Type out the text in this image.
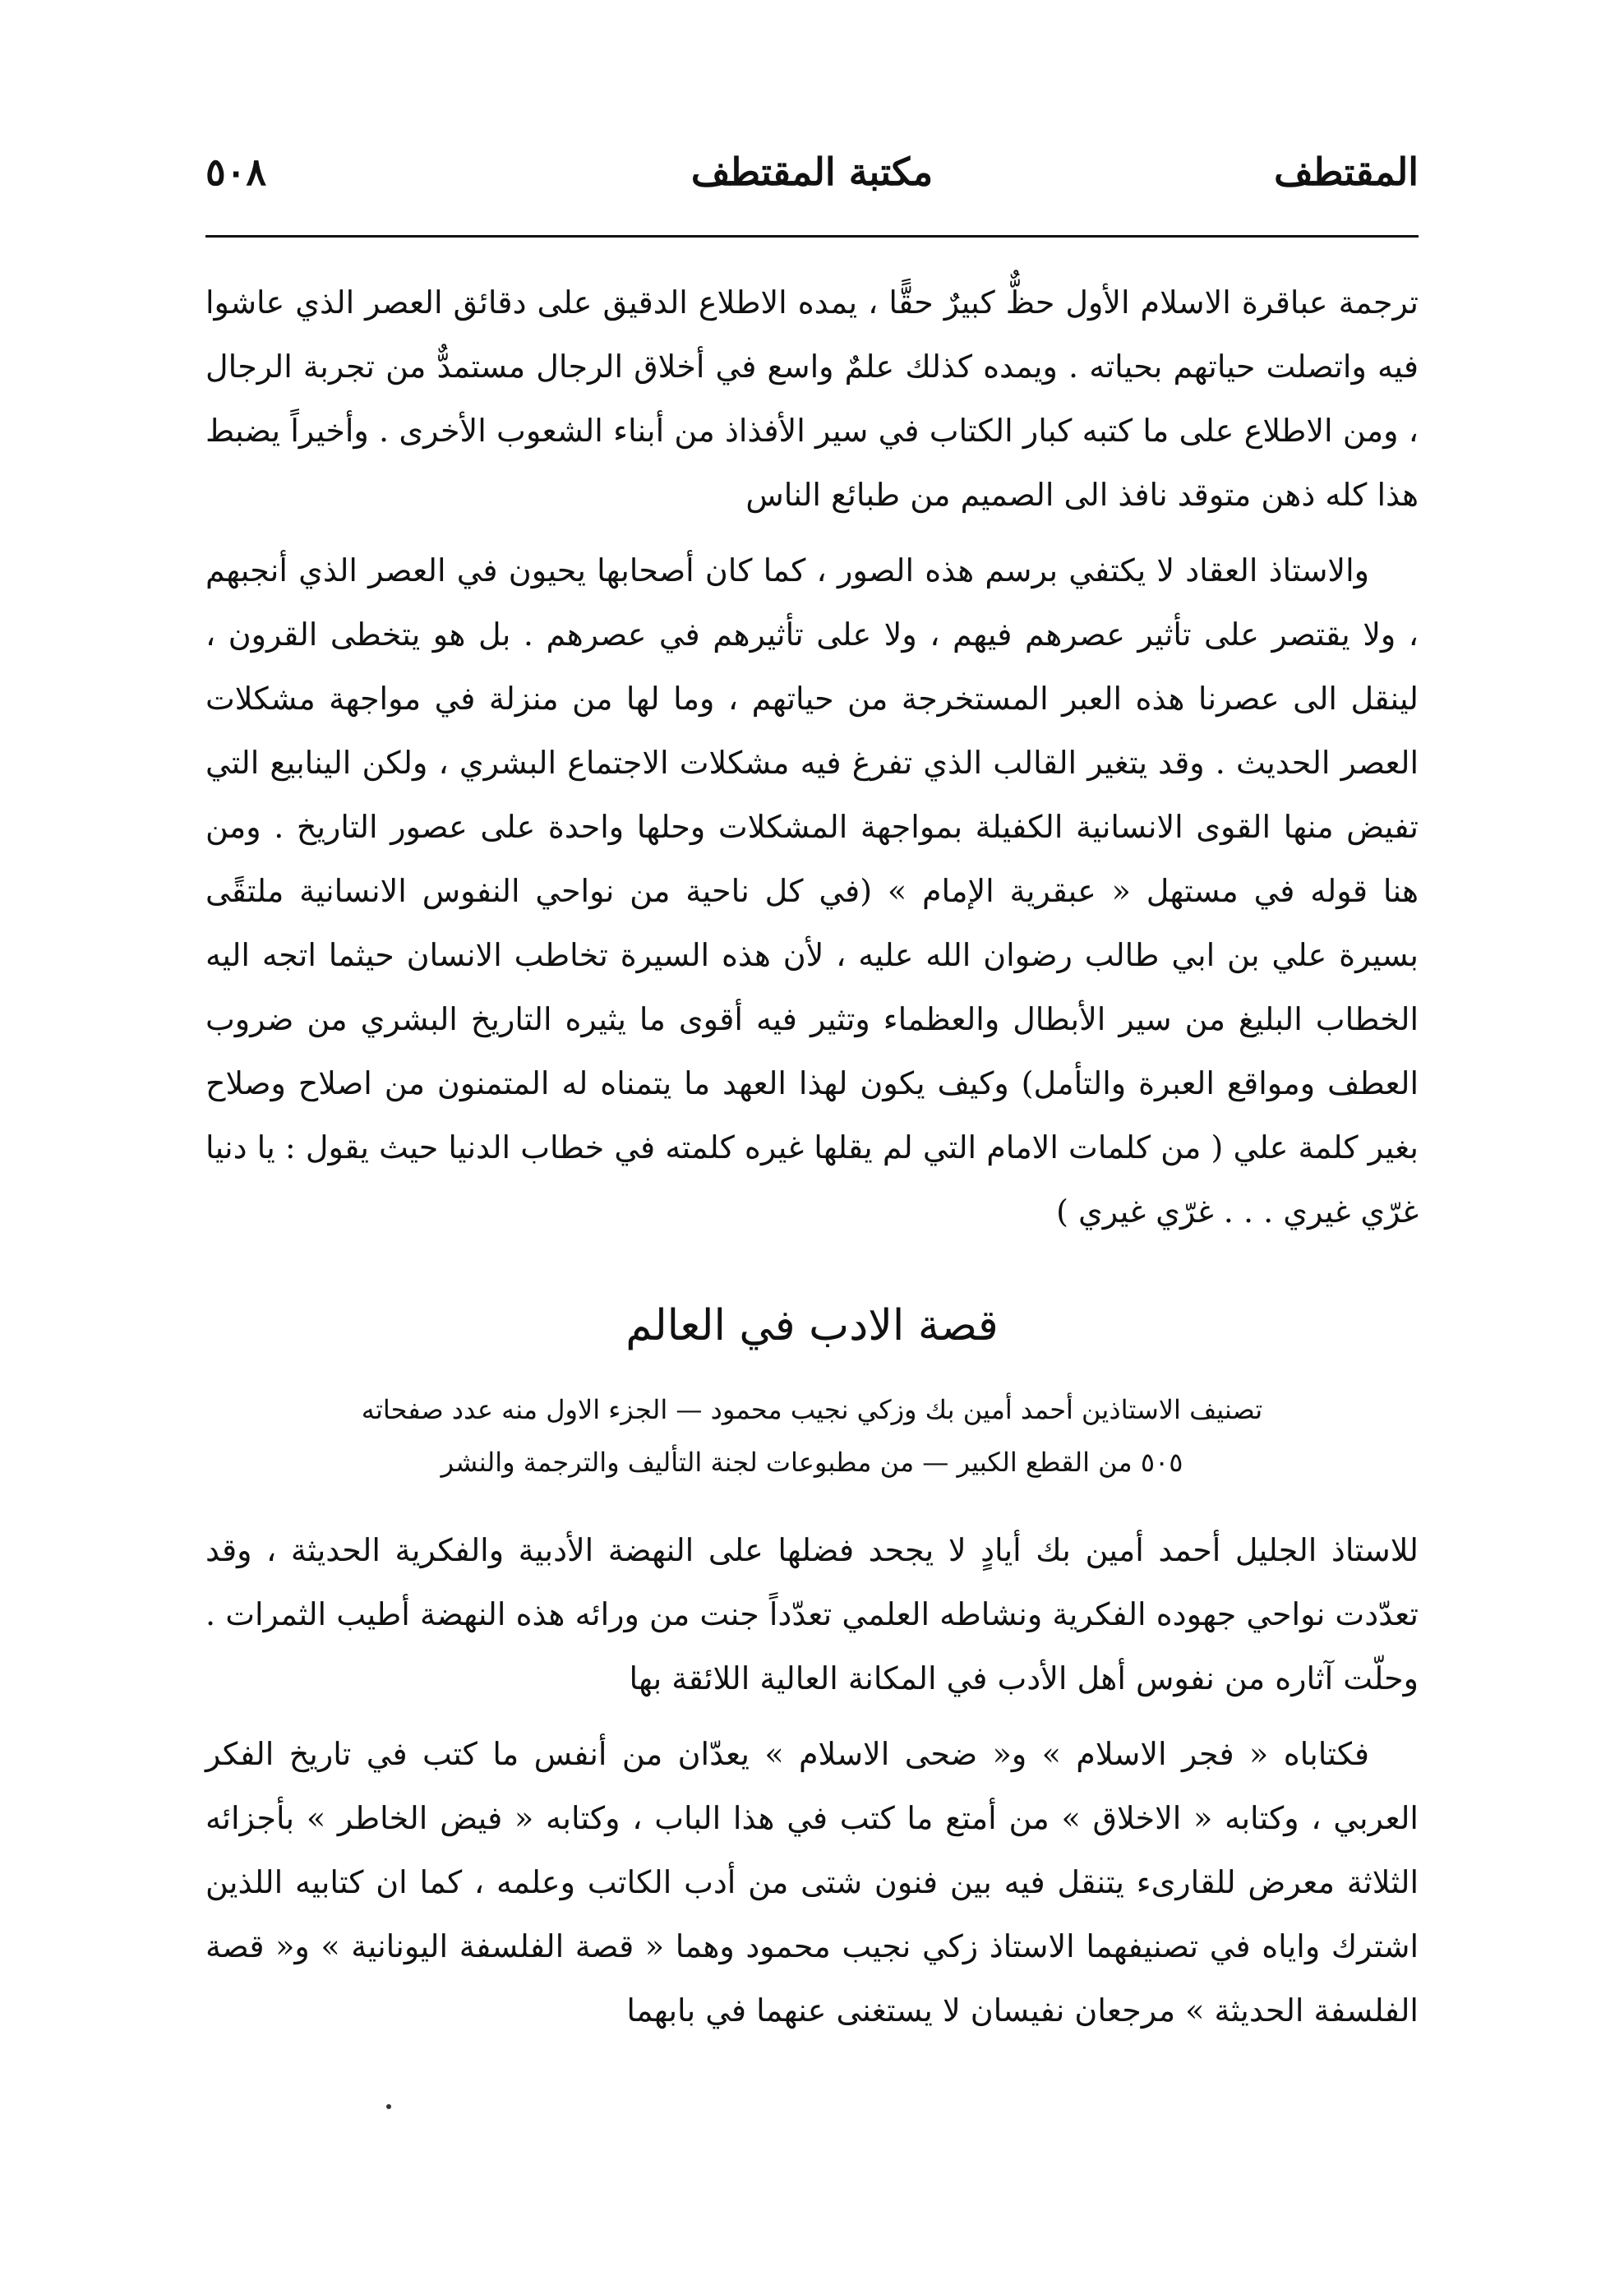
المقتطف
مكتبة المقتطف
٥٠٨

ترجمة عباقرة الاسلام الأول حظٌّ كبيرٌ حقًّا ، يمده الاطلاع الدقيق على دقائق العصر الذي عاشوا فيه واتصلت حياتهم بحياته . ويمده كذلك علمٌ واسع في أخلاق الرجال مستمدٌّ من تجربة الرجال ، ومن الاطلاع على ما كتبه كبار الكتاب في سير الأفذاذ من أبناء الشعوب الأخرى . وأخيراً يضبط هذا كله ذهن متوقد نافذ الى الصميم من طبائع الناس

والاستاذ العقاد لا يكتفي برسم هذه الصور ، كما كان أصحابها يحيون في العصر الذي أنجبهم ، ولا يقتصر على تأثير عصرهم فيهم ، ولا على تأثيرهم في عصرهم . بل هو يتخطى القرون ، لينقل الى عصرنا هذه العبر المستخرجة من حياتهم ، وما لها من منزلة في مواجهة مشكلات العصر الحديث . وقد يتغير القالب الذي تفرغ فيه مشكلات الاجتماع البشري ، ولكن الينابيع التي تفيض منها القوى الانسانية الكفيلة بمواجهة المشكلات وحلها واحدة على عصور التاريخ . ومن هنا قوله في مستهل « عبقرية الإمام » (في كل ناحية من نواحي النفوس الانسانية ملتقًى بسيرة علي بن ابي طالب رضوان الله عليه ، لأن هذه السيرة تخاطب الانسان حيثما اتجه اليه الخطاب البليغ من سير الأبطال والعظماء وتثير فيه أقوى ما يثيره التاريخ البشري من ضروب العطف ومواقع العبرة والتأمل) وكيف يكون لهذا العهد ما يتمناه له المتمنون من اصلاح وصلاح بغير كلمة علي ( من كلمات الامام التي لم يقلها غيره كلمته في خطاب الدنيا حيث يقول : يا دنيا غرّي غيري . . . غرّي غيري )

قصة الادب في العالم
تصنيف الاستاذين أحمد أمين بك وزكي نجيب محمود — الجزء الاول منه عدد صفحاته
٥٠٥ من القطع الكبير — من مطبوعات لجنة التأليف والترجمة والنشر

للاستاذ الجليل أحمد أمين بك أيادٍ لا يجحد فضلها على النهضة الأدبية والفكرية الحديثة ، وقد تعدّدت نواحي جهوده الفكرية ونشاطه العلمي تعدّداً جنت من ورائه هذه النهضة أطيب الثمرات . وحلّت آثاره من نفوس أهل الأدب في المكانة العالية اللائقة بها

فكتاباه « فجر الاسلام » و« ضحى الاسلام » يعدّان من أنفس ما كتب في تاريخ الفكر العربي ، وكتابه « الاخلاق » من أمتع ما كتب في هذا الباب ، وكتابه « فيض الخاطر » بأجزائه الثلاثة معرض للقارىء يتنقل فيه بين فنون شتى من أدب الكاتب وعلمه ، كما ان كتابيه اللذين اشترك واياه في تصنيفهما الاستاذ زكي نجيب محمود وهما « قصة الفلسفة اليونانية » و« قصة الفلسفة الحديثة » مرجعان نفيسان لا يستغنى عنهما في بابهما
